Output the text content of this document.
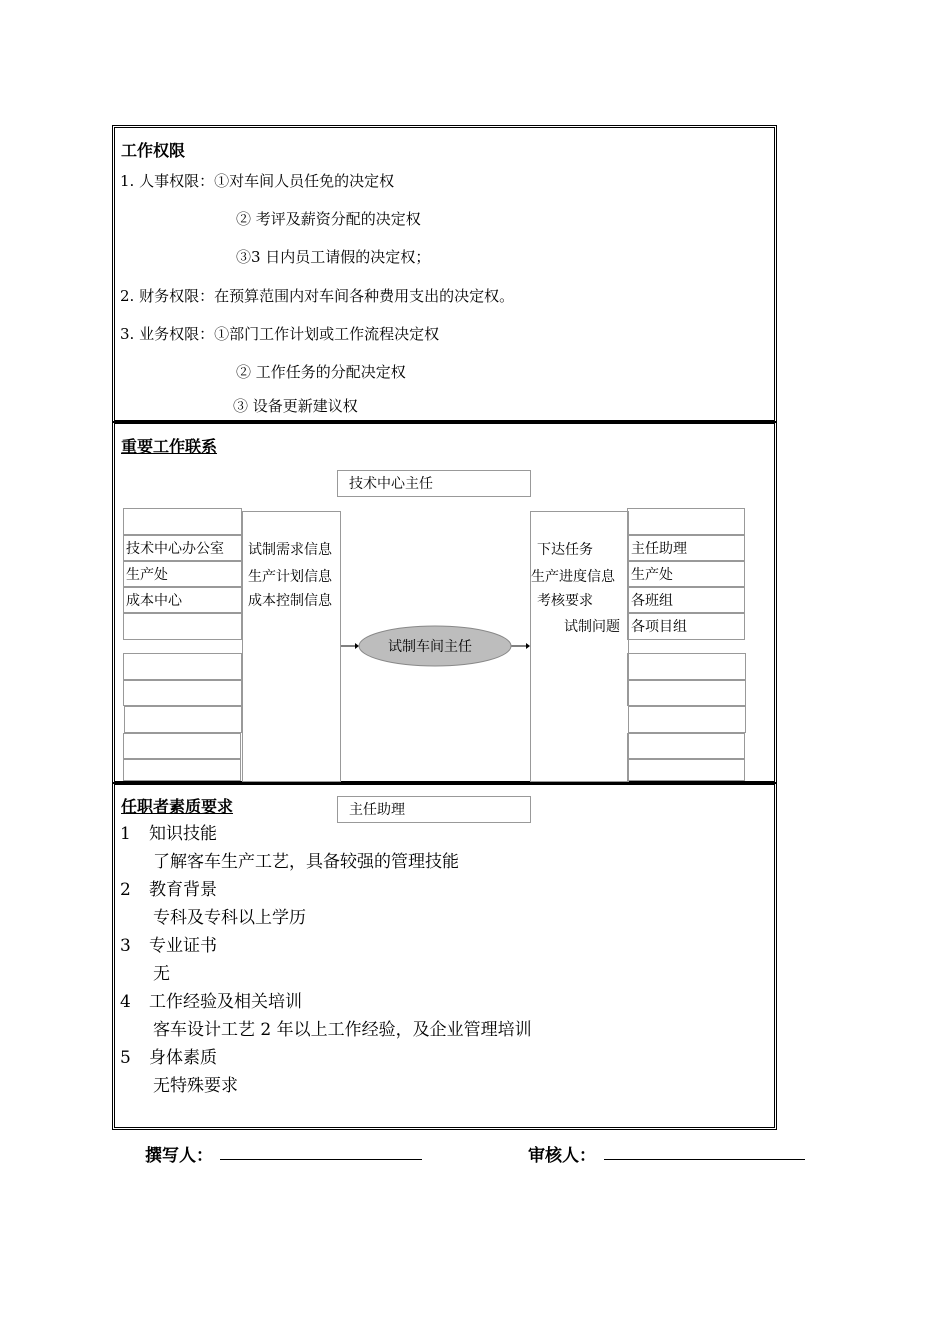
工作权限
1. 人事权限：①对车间人员任免的决定权
② 考评及薪资分配的决定权
③3 日内员工请假的决定权；
2. 财务权限：在预算范围内对车间各种费用支出的决定权。
3. 业务权限：①部门工作计划或工作流程决定权
② 工作任务的分配决定权
③ 设备更新建议权
重要工作联系
技术中心主任
技术中心办公室
生产处
成本中心
试制需求信息
生产计划信息
成本控制信息
下达任务
生产进度信息
考核要求
试制问题
主任助理
生产处
各班组
各项目组
试制车间主任
主任助理
任职者素质要求
1 知识技能
了解客车生产工艺，具备较强的管理技能
2 教育背景
专科及专科以上学历
3 专业证书
无
4 工作经验及相关培训
客车设计工艺 2 年以上工作经验，及企业管理培训
5 身体素质
无特殊要求
撰写人：	审核人：
